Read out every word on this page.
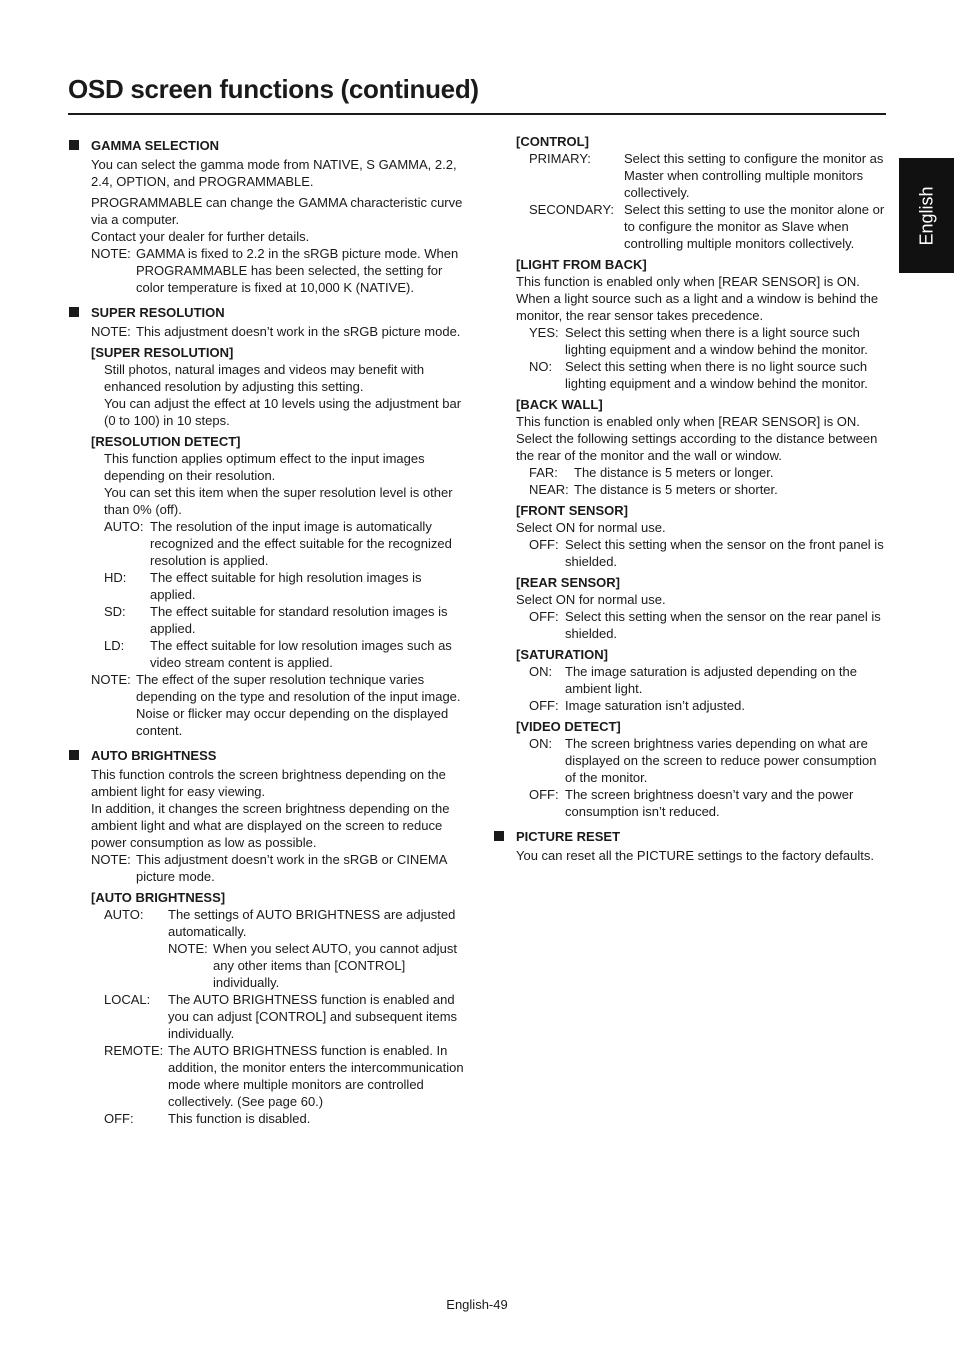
OSD screen functions (continued)
English
GAMMA SELECTION

You can select the gamma mode from NATIVE, S GAMMA, 2.2, 2.4, OPTION, and PROGRAMMABLE.

PROGRAMMABLE can change the GAMMA characteristic curve via a computer.

Contact your dealer for further details.

NOTE: GAMMA is fixed to 2.2 in the sRGB picture mode. When PROGRAMMABLE has been selected, the setting for color temperature is fixed at 10,000 K (NATIVE).
SUPER RESOLUTION
NOTE: This adjustment doesn’t work in the sRGB picture mode.

[SUPER RESOLUTION]

Still photos, natural images and videos may benefit with enhanced resolution by adjusting this setting.

You can adjust the effect at 10 levels using the adjustment bar (0 to 100) in 10 steps.

[RESOLUTION DETECT]

This function applies optimum effect to the input images depending on their resolution.

You can set this item when the super resolution level is other than 0% (off).

AUTO: The resolution of the input image is automatically recognized and the effect suitable for the recognized resolution is applied.
HD:	The effect suitable for high resolution images is applied.
SD:	The effect suitable for standard resolution images is applied.
LD:	The effect suitable for low resolution images such as video stream content is applied.
NOTE: The effect of the super resolution technique varies depending on the type and resolution of the input image. Noise or flicker may occur depending on the displayed content.
AUTO BRIGHTNESS

This function controls the screen brightness depending on the ambient light for easy viewing.

In addition, it changes the screen brightness depending on the ambient light and what are displayed on the screen to reduce power consumption as low as possible.

NOTE: This adjustment doesn’t work in the sRGB or CINEMA picture mode.

[AUTO BRIGHTNESS]

AUTO:	The settings of AUTO BRIGHTNESS are adjusted automatically.
NOTE: When you select AUTO, you cannot adjust any other items than [CONTROL] individually.
LOCAL:	The AUTO BRIGHTNESS function is enabled and you can adjust [CONTROL] and subsequent items individually.
REMOTE: The AUTO BRIGHTNESS function is enabled. In addition, the monitor enters the intercommunication mode where multiple monitors are controlled collectively. (See page 60.)
OFF:	This function is disabled.

[CONTROL]

PRIMARY:	Select this setting to configure the monitor as Master when controlling multiple monitors collectively.
SECONDARY: Select this setting to use the monitor alone or to configure the monitor as Slave when controlling multiple monitors collectively.

[LIGHT FROM BACK]

This function is enabled only when [REAR SENSOR] is ON. When a light source such as a light and a window is behind the monitor, the rear sensor takes precedence.

YES: Select this setting when there is a light source such lighting equipment and a window behind the monitor.
NO: Select this setting when there is no light source such lighting equipment and a window behind the monitor.

[BACK WALL]

This function is enabled only when [REAR SENSOR] is ON. Select the following settings according to the distance between the rear of the monitor and the wall or window.

FAR:	The distance is 5 meters or longer.
NEAR: The distance is 5 meters or shorter.

[FRONT SENSOR]

Select ON for normal use.

OFF: Select this setting when the sensor on the front panel is shielded.

[REAR SENSOR]

Select ON for normal use.

OFF: Select this setting when the sensor on the rear panel is shielded.

[SATURATION]

ON: The image saturation is adjusted depending on the ambient light.
OFF: Image saturation isn’t adjusted.

[VIDEO DETECT]

ON: The screen brightness varies depending on what are displayed on the screen to reduce power consumption of the monitor.
OFF: The screen brightness doesn’t vary and the power consumption isn’t reduced.
PICTURE RESET

You can reset all the PICTURE settings to the factory defaults.

English-49
